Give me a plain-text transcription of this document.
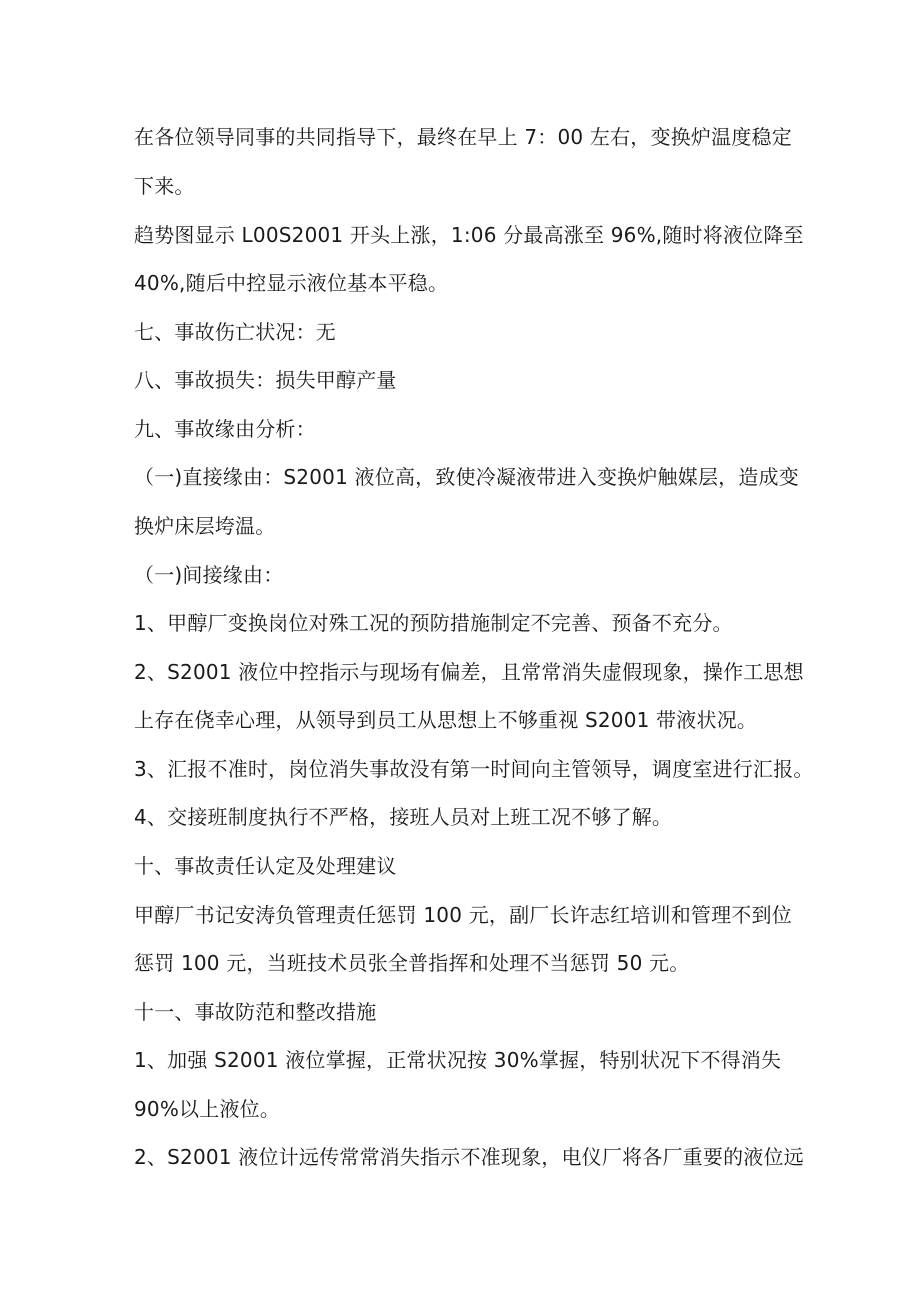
在各位领导同事的共同指导下，最终在早上 7：00 左右，变换炉温度稳定
下来。
趋势图显示 L00S2001 开头上涨，1:06 分最高涨至 96%,随时将液位降至
40%,随后中控显示液位基本平稳。
七、事故伤亡状况：无
八、事故损失：损失甲醇产量
九、事故缘由分析：
（一)直接缘由：S2001 液位高，致使冷凝液带进入变换炉触媒层，造成变
换炉床层垮温。
（一)间接缘由：
1、甲醇厂变换岗位对殊工况的预防措施制定不完善、预备不充分。
2、S2001 液位中控指示与现场有偏差，且常常消失虚假现象，操作工思想
上存在侥幸心理，从领导到员工从思想上不够重视 S2001 带液状况。
3、汇报不准时，岗位消失事故没有第一时间向主管领导，调度室进行汇报。
4、交接班制度执行不严格，接班人员对上班工况不够了解。
十、事故责任认定及处理建议
甲醇厂书记安涛负管理责任惩罚 100 元，副厂长许志红培训和管理不到位
惩罚 100 元，当班技术员张全普指挥和处理不当惩罚 50 元。
十一、事故防范和整改措施
1、加强 S2001 液位掌握，正常状况按 30%掌握，特别状况下不得消失
90%以上液位。
2、S2001 液位计远传常常消失指示不准现象，电仪厂将各厂重要的液位远
